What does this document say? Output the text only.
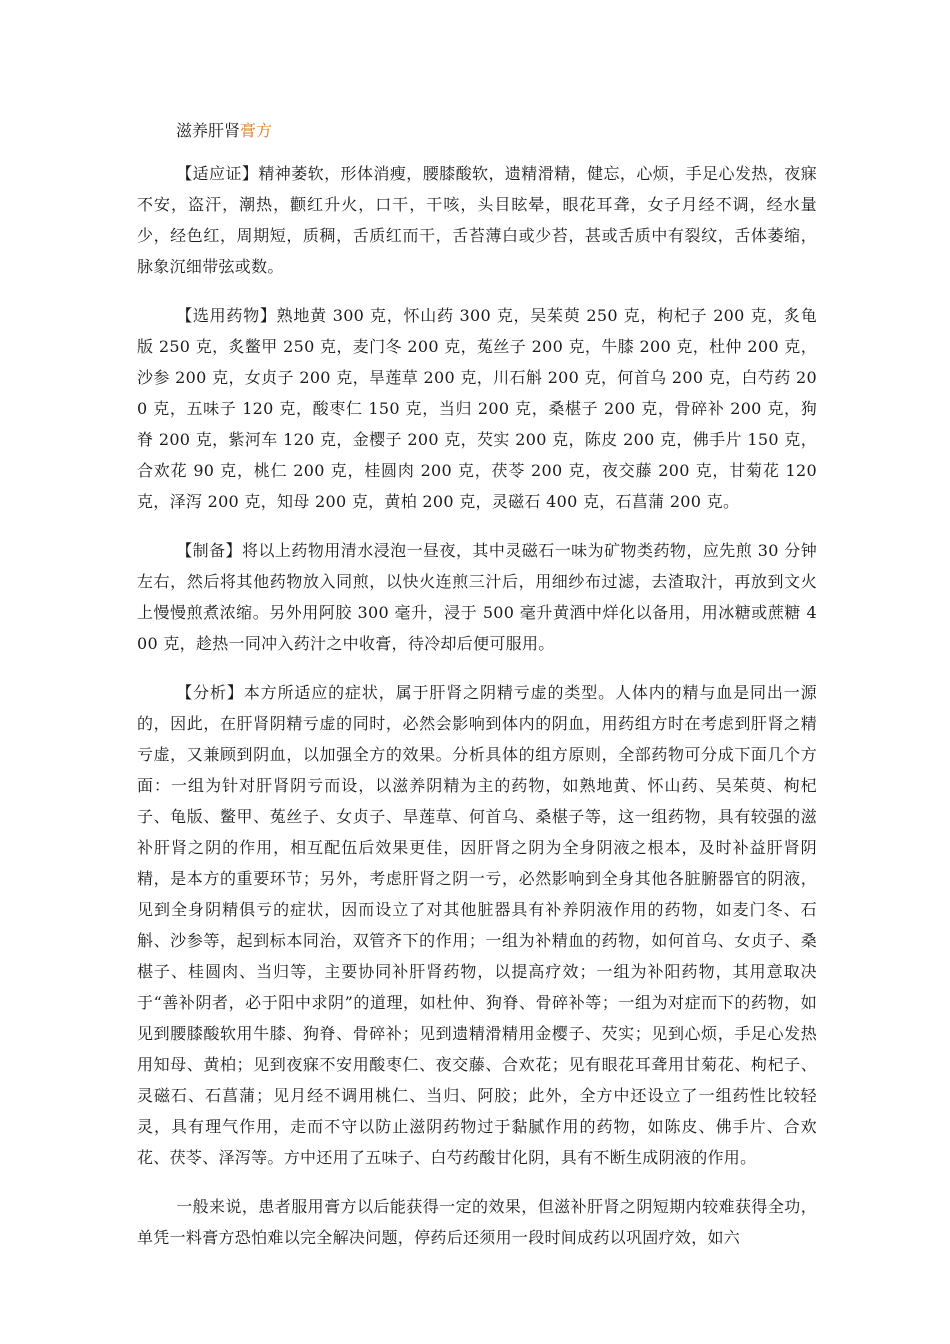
滋养肝肾膏方

【适应证】精神萎软，形体消瘦，腰膝酸软，遗精滑精，健忘，心烦，手足心发热，夜寐不安，盗汗，潮热，颧红升火，口干，干咳，头目眩晕，眼花耳聋，女子月经不调，经水量少，经色红，周期短，质稠，舌质红而干，舌苔薄白或少苔，甚或舌质中有裂纹，舌体萎缩，脉象沉细带弦或数。

【选用药物】熟地黄 300 克，怀山药 300 克，吴茱萸 250 克，枸杞子 200 克，炙龟版 250 克，炙鳖甲 250 克，麦门冬 200 克，菟丝子 200 克，牛膝 200 克，杜仲 200 克，沙参 200 克，女贞子 200 克，旱莲草 200 克，川石斛 200 克，何首乌 200 克，白芍药 200 克，五味子 120 克，酸枣仁 150 克，当归 200 克，桑椹子 200 克，骨碎补 200 克，狗脊 200 克，紫河车 120 克，金樱子 200 克，芡实 200 克，陈皮 200 克，佛手片 150 克，合欢花 90 克，桃仁 200 克，桂圆肉 200 克，茯苓 200 克，夜交藤 200 克，甘菊花 120 克，泽泻 200 克，知母 200 克，黄柏 200 克，灵磁石 400 克，石菖蒲 200 克。

【制备】将以上药物用清水浸泡一昼夜，其中灵磁石一味为矿物类药物，应先煎 30 分钟左右，然后将其他药物放入同煎，以快火连煎三汁后，用细纱布过滤，去渣取汁，再放到文火上慢慢煎煮浓缩。另外用阿胶 300 毫升，浸于 500 毫升黄酒中烊化以备用，用冰糖或蔗糖 400 克，趁热一同冲入药汁之中收膏，待冷却后便可服用。

【分析】本方所适应的症状，属于肝肾之阴精亏虚的类型。人体内的精与血是同出一源的，因此，在肝肾阴精亏虚的同时，必然会影响到体内的阴血，用药组方时在考虑到肝肾之精亏虚，又兼顾到阴血，以加强全方的效果。分析具体的组方原则，全部药物可分成下面几个方面：一组为针对肝肾阴亏而设，以滋养阴精为主的药物，如熟地黄、怀山药、吴茱萸、枸杞子、龟版、鳖甲、菟丝子、女贞子、旱莲草、何首乌、桑椹子等，这一组药物，具有较强的滋补肝肾之阴的作用，相互配伍后效果更佳，因肝肾之阴为全身阴液之根本，及时补益肝肾阴精，是本方的重要环节；另外，考虑肝肾之阴一亏，必然影响到全身其他各脏腑器官的阴液，见到全身阴精俱亏的症状，因而设立了对其他脏器具有补养阴液作用的药物，如麦门冬、石斛、沙参等，起到标本同治，双管齐下的作用；一组为补精血的药物，如何首乌、女贞子、桑椹子、桂圆肉、当归等，主要协同补肝肾药物，以提高疗效；一组为补阳药物，其用意取决于“善补阴者，必于阳中求阴”的道理，如杜仲、狗脊、骨碎补等；一组为对症而下的药物，如见到腰膝酸软用牛膝、狗脊、骨碎补；见到遗精滑精用金樱子、芡实；见到心烦，手足心发热用知母、黄柏；见到夜寐不安用酸枣仁、夜交藤、合欢花；见有眼花耳聋用甘菊花、枸杞子、灵磁石、石菖蒲；见月经不调用桃仁、当归、阿胶；此外，全方中还设立了一组药性比较轻灵，具有理气作用，走而不守以防止滋阴药物过于黏腻作用的药物，如陈皮、佛手片、合欢花、茯苓、泽泻等。方中还用了五味子、白芍药酸甘化阴，具有不断生成阴液的作用。

一般来说，患者服用膏方以后能获得一定的效果，但滋补肝肾之阴短期内较难获得全功，单凭一料膏方恐怕难以完全解决问题，停药后还须用一段时间成药以巩固疗效，如六
